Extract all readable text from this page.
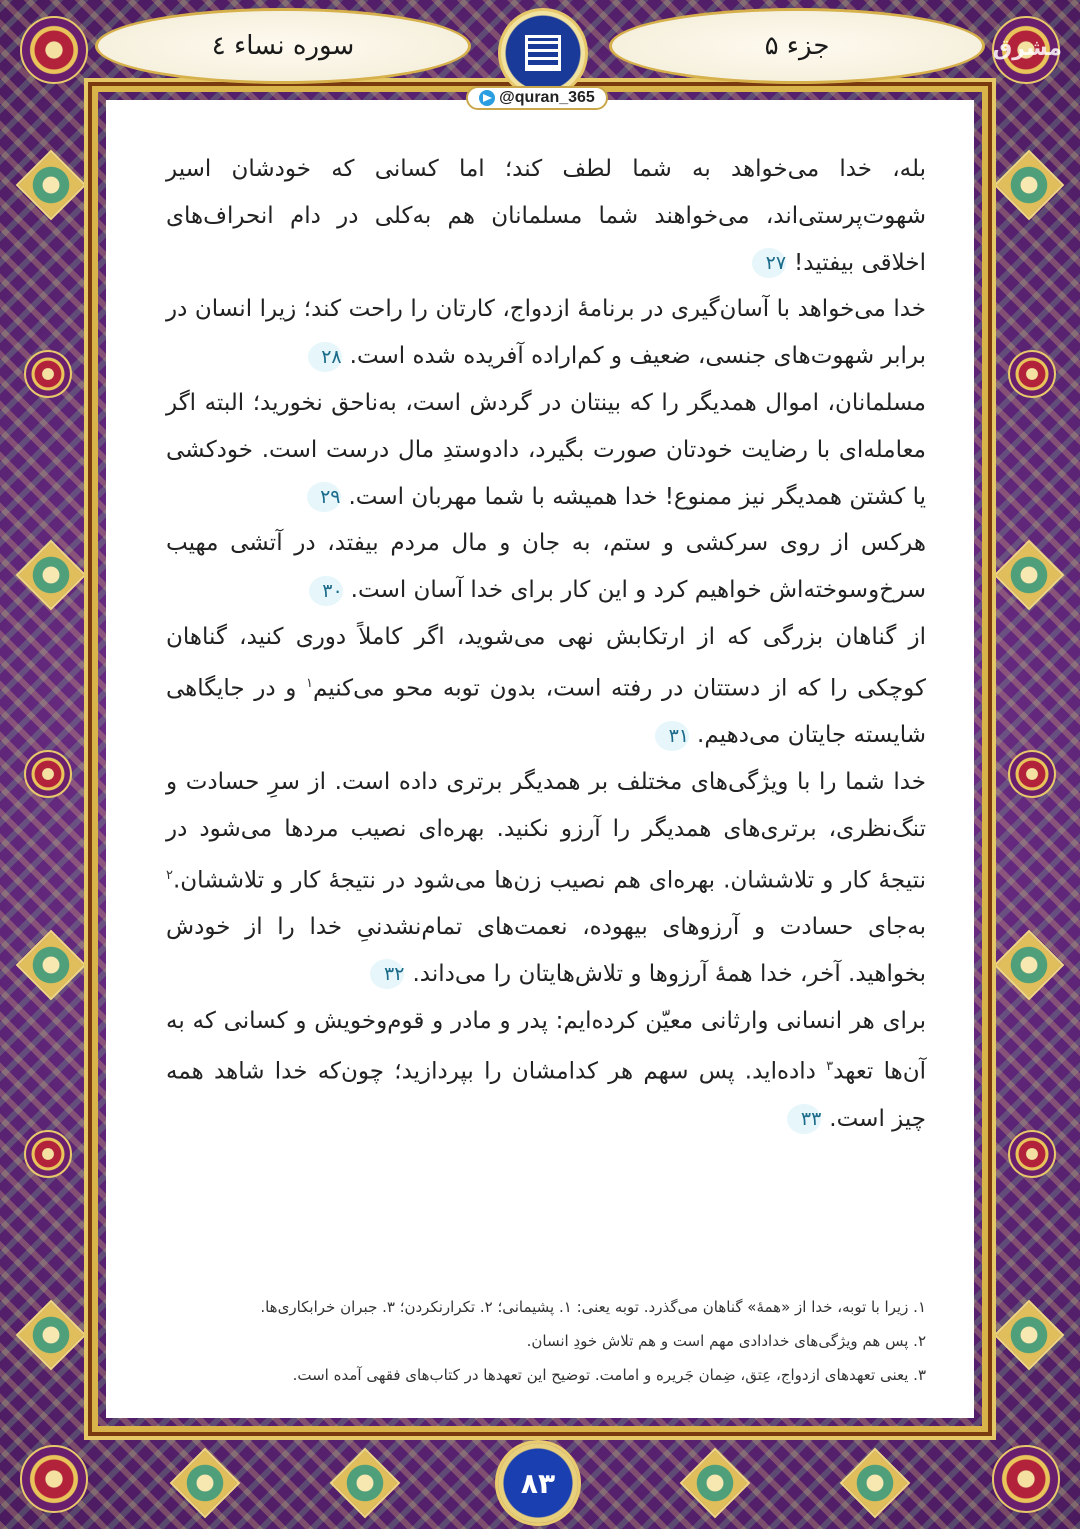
جزء ۵
سوره نساء ٤	مشرق

بله، خدا می‌خواهد به شما لطف کند؛ اما کسانی که خودشان اسیر شهوت‌پرستی‌اند، می‌خواهند شما مسلمانان هم به‌کلی در دام انحراف‌های اخلاقی بیفتید!۲۷

خدا می‌خواهد با آسان‌گیری در برنامهٔ ازدواج، کارتان را راحت کند؛ زیرا انسان در برابر شهوت‌های جنسی، ضعیف و کم‌اراده آفریده شده است.۲۸

مسلمانان، اموال همدیگر را که بینتان در گردش است، به‌ناحق نخورید؛ البته اگر معامله‌ای با رضایت خودتان صورت بگیرد، دادوستدِ مال درست است. خودکشی یا کشتن همدیگر نیز ممنوع! خدا همیشه با شما مهربان است.۲۹

هرکس از روی سرکشی و ستم، به جان و مال مردم بیفتد، در آتشی مهیب سرخ‌وسوخته‌اش خواهیم کرد و این کار برای خدا آسان است.۳۰

از گناهان بزرگی که از ارتکابش نهی می‌شوید، اگر کاملاً دوری کنید، گناهان کوچکی را که از دستتان در رفته است، بدون توبه محو می‌کنیم$^۱$ و در جایگاهی شایسته جایتان می‌دهیم.۳۱

خدا شما را با ویژگی‌های مختلف بر همدیگر برتری داده است. از سرِ حسادت و تنگ‌نظری، برتری‌های همدیگر را آرزو نکنید. بهره‌ای نصیب مردها می‌شود در نتیجهٔ کار و تلاششان. بهره‌ای هم نصیب زن‌ها می‌شود در نتیجهٔ کار و تلاششان.$^۲$ به‌جای حسادت و آرزوهای بیهوده، نعمت‌های تمام‌نشدنیِ خدا را از خودش بخواهید. آخر، خدا همهٔ آرزوها و تلاش‌هایتان را می‌داند.۳۲

برای هر انسانی وارثانی معیّن کرده‌ایم: پدر و مادر و قوم‌وخویش و کسانی که به آن‌ها تعهد$^۳$ داده‌اید. پس سهم هر کدامشان را بپردازید؛ چون‌که خدا شاهد همه چیز است.۳۳

۱. زیرا با توبه، خدا از «همهٔ» گناهان می‌گذرد. توبه یعنی: ۱. پشیمانی؛ ۲. تکرارنکردن؛ ۳. جبران خرابکاری‌ها.
۲. پس هم ویژگی‌های خدادادی مهم است و هم تلاش خودِ انسان.
۳. یعنی تعهدهای ازدواج، عِتق، ضِمان جَریره و امامت. توضیح این تعهدها در کتاب‌های فقهی آمده است.
@quran_365
۸۳
